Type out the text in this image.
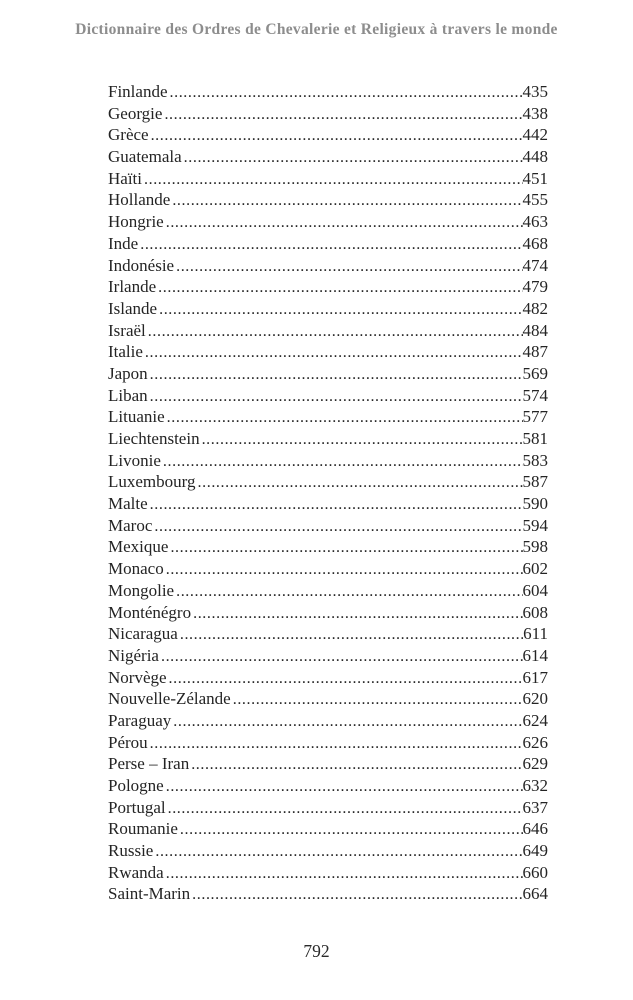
Dictionnaire des Ordres de Chevalerie et Religieux à travers le monde
Finlande .....	435
Georgie .....	438
Grèce .....	442
Guatemala .....	448
Haïti .....	451
Hollande .....	455
Hongrie .....	463
Inde .....	468
Indonésie .....	474
Irlande .....	479
Islande .....	482
Israël .....	484
Italie .....	487
Japon .....	569
Liban .....	574
Lituanie .....	577
Liechtenstein .....	581
Livonie .....	583
Luxembourg .....	587
Malte .....	590
Maroc .....	594
Mexique .....	598
Monaco .....	602
Mongolie .....	604
Monténégro .....	608
Nicaragua .....	611
Nigéria .....	614
Norvège .....	617
Nouvelle-Zélande .....	620
Paraguay .....	624
Pérou .....	626
Perse – Iran .....	629
Pologne .....	632
Portugal .....	637
Roumanie .....	646
Russie .....	649
Rwanda .....	660
Saint-Marin .....	664
792
